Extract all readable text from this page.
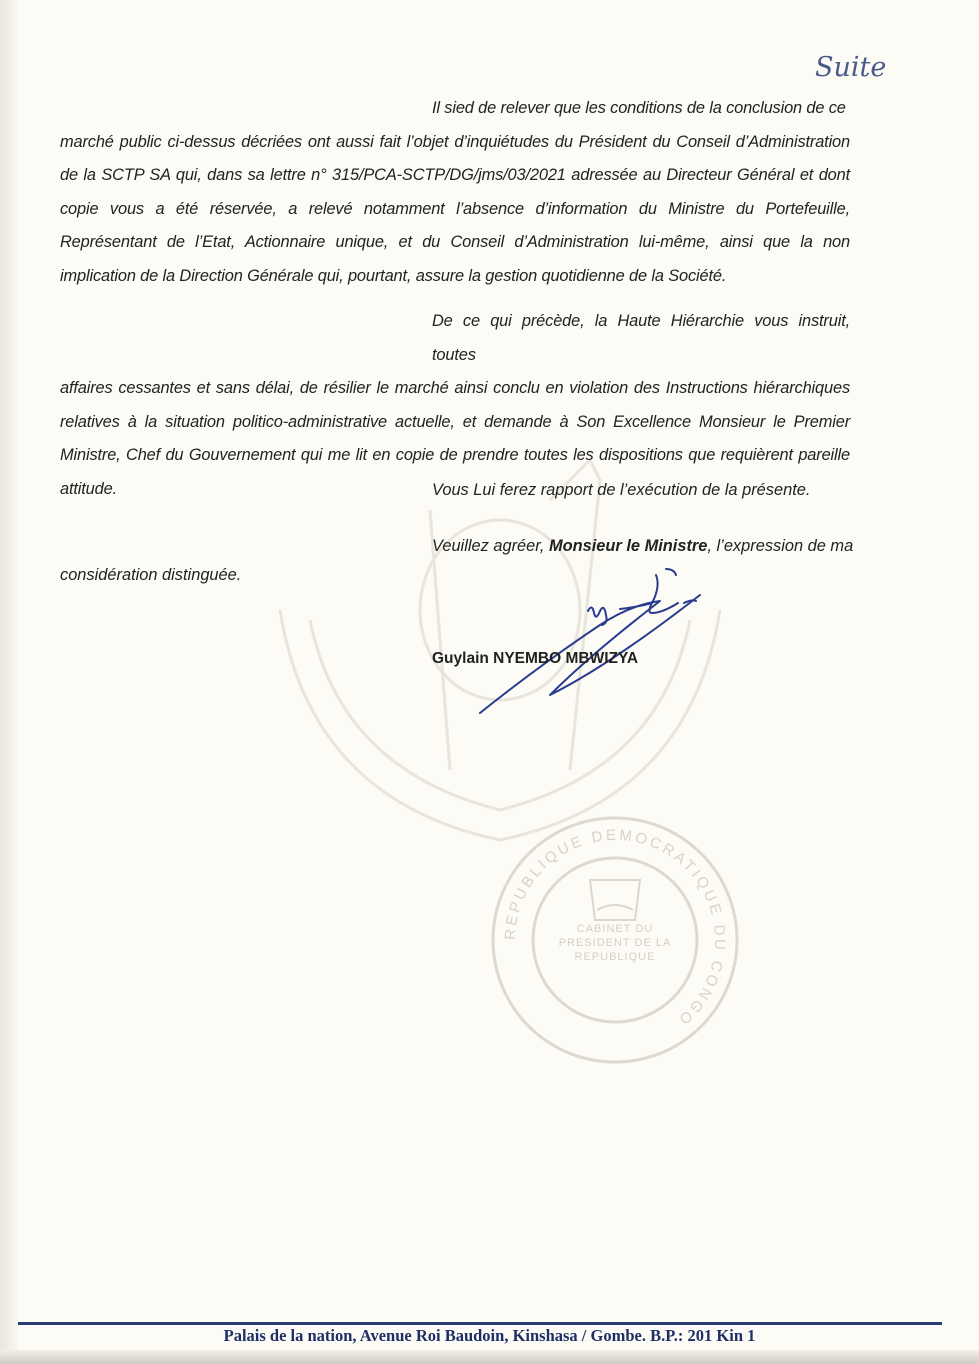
REPUBLIQUE DEMOCRATIQUE DU CONGO
CABINET DU PRESIDENT DE LA REPUBLIQUE
Suite
Il sied de relever que les conditions de la conclusion de ce
marché public ci-dessus décriées ont aussi fait l’objet d’inquiétudes du Président du Conseil d’Administration de la SCTP SA qui, dans sa lettre n° 315/PCA-SCTP/DG/jms/03/2021 adressée au Directeur Général et dont copie vous a été réservée, a relevé notamment l’absence d’information du Ministre du Portefeuille, Représentant de l’Etat, Actionnaire unique, et du Conseil d’Administration lui-même, ainsi que la non implication de la Direction Générale qui, pourtant, assure la gestion quotidienne de la Société.
De ce qui précède, la Haute Hiérarchie vous instruit, toutes
affaires cessantes et sans délai, de résilier le marché ainsi conclu en violation des Instructions hiérarchiques relatives à la situation politico-administrative actuelle, et demande à Son Excellence Monsieur le Premier Ministre, Chef du Gouvernement qui me lit en copie de prendre toutes les dispositions que requièrent pareille attitude.	Vous Lui ferez rapport de l’exécution de la présente.
Veuillez agréer, Monsieur le Ministre, l’expression de ma
considération distinguée.
Guylain NYEMBO MBWIZYA
Palais de la nation, Avenue Roi Baudoin, Kinshasa / Gombe. B.P.: 201 Kin 1
